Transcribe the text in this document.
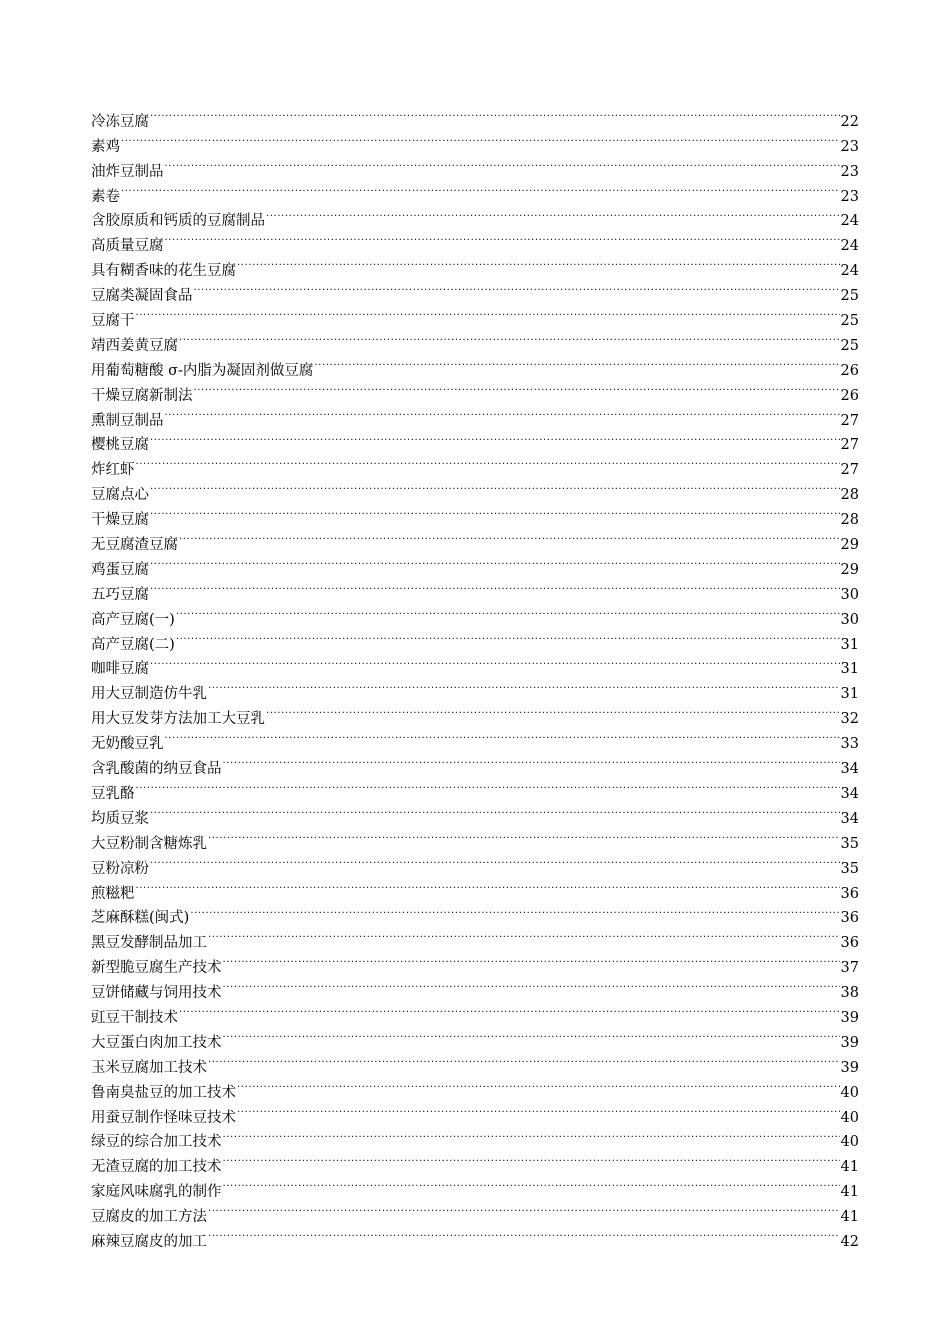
冷冻豆腐 .....	22
素鸡 .....	23
油炸豆制品 .....	23
素卷 .....	23
含胶原质和钙质的豆腐制品 .....	24
高质量豆腐 .....	24
具有糊香味的花生豆腐 .....	24
豆腐类凝固食品 .....	25
豆腐干 .....	25
靖西姜黄豆腐 .....	25
用葡萄糖酸 σ-内脂为凝固剂做豆腐 .....	26
干燥豆腐新制法 .....	26
熏制豆制品 .....	27
樱桃豆腐 .....	27
炸红虾 .....	27
豆腐点心 .....	28
干燥豆腐 .....	28
无豆腐渣豆腐 .....	29
鸡蛋豆腐 .....	29
五巧豆腐 .....	30
高产豆腐(一) .....	30
高产豆腐(二) .....	31
咖啡豆腐 .....	31
用大豆制造仿牛乳 .....	31
用大豆发芽方法加工大豆乳 .....	32
无奶酸豆乳 .....	33
含乳酸菌的纳豆食品 .....	34
豆乳酪 .....	34
均质豆浆 .....	34
大豆粉制含糖炼乳 .....	35
豆粉凉粉 .....	35
煎糍粑 .....	36
芝麻酥糕(闽式) .....	36
黑豆发酵制品加工 .....	36
新型脆豆腐生产技术 .....	37
豆饼储藏与饲用技术 .....	38
豇豆干制技术 .....	39
大豆蛋白肉加工技术 .....	39
玉米豆腐加工技术 .....	39
鲁南臭盐豆的加工技术 .....	40
用蚕豆制作怪味豆技术 .....	40
绿豆的综合加工技术 .....	40
无渣豆腐的加工技术 .....	41
家庭风味腐乳的制作 .....	41
豆腐皮的加工方法 .....	41
麻辣豆腐皮的加工 .....	42
